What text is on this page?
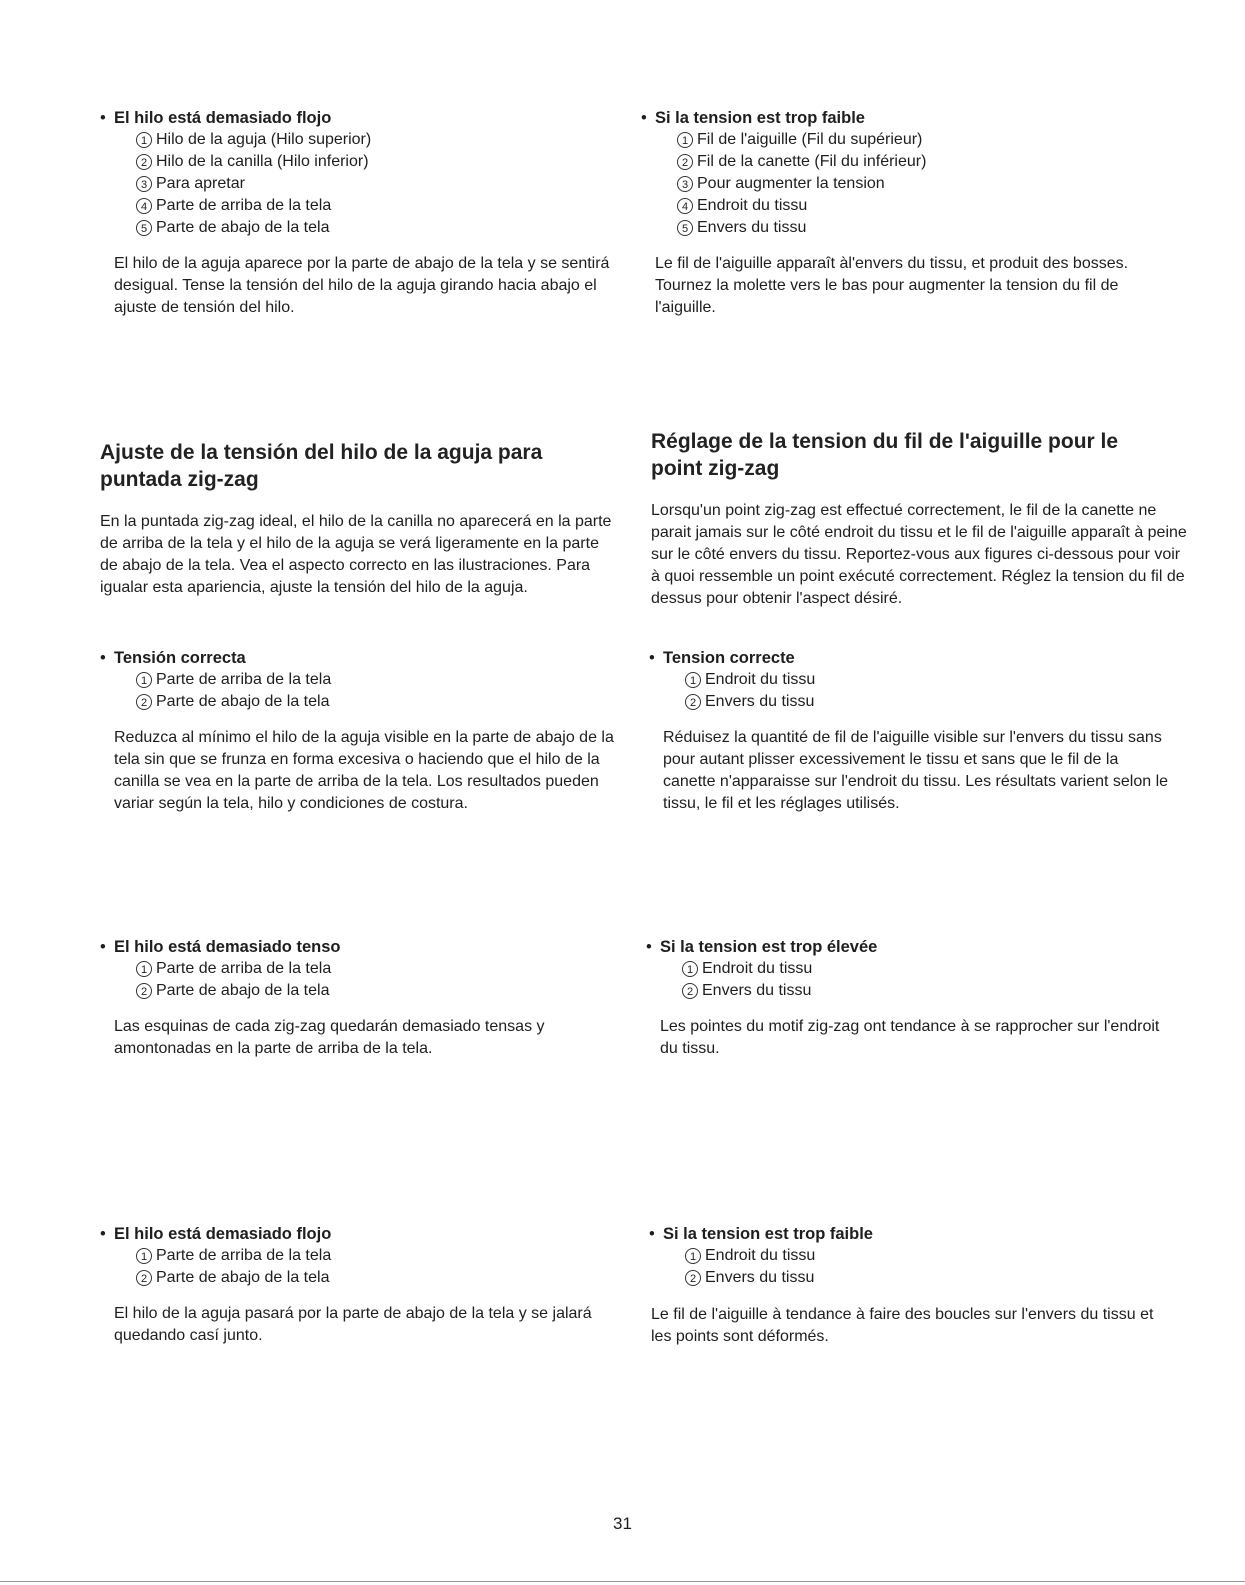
• El hilo está demasiado flojo

1 Hilo de la aguja (Hilo superior)
2 Hilo de la canilla (Hilo inferior)
3 Para apretar
4 Parte de arriba de la tela
5 Parte de abajo de la tela

El hilo de la aguja aparece por la parte de abajo de la tela y se sentirá desigual. Tense la tensión del hilo de la aguja girando hacia abajo el ajuste de tensión del hilo.

Ajuste de la tensión del hilo de la aguja para puntada zig-zag

En la puntada zig-zag ideal, el hilo de la canilla no aparecerá en la parte de arriba de la tela y el hilo de la aguja se verá ligeramente en la parte de abajo de la tela. Vea el aspecto correcto en las ilustraciones. Para igualar esta apariencia, ajuste la tensión del hilo de la aguja.

• Tensión correcta

1 Parte de arriba de la tela
2 Parte de abajo de la tela

Reduzca al mínimo el hilo de la aguja visible en la parte de abajo de la tela sin que se frunza en forma excesiva o haciendo que el hilo de la canilla se vea en la parte de arriba de la tela. Los resultados pueden variar según la tela, hilo y condiciones de costura.

• El hilo está demasiado tenso

1 Parte de arriba de la tela
2 Parte de abajo de la tela

Las esquinas de cada zig-zag quedarán demasiado tensas y amontonadas en la parte de arriba de la tela.

• El hilo está demasiado flojo

1 Parte de arriba de la tela
2 Parte de abajo de la tela

El hilo de la aguja pasará por la parte de abajo de la tela y se jalará quedando casí junto.

• Si la tension est trop faible

1 Fil de l'aiguille (Fil du supérieur)
2 Fil de la canette (Fil du inférieur)
3 Pour augmenter la tension
4 Endroit du tissu
5 Envers du tissu

Le fil de l'aiguille apparaît àl'envers du tissu, et produit des bosses. Tournez la molette vers le bas pour augmenter la tension du fil de l'aiguille.

Réglage de la tension du fil de l'aiguille pour le point zig-zag

Lorsqu'un point zig-zag est effectué correctement, le fil de la canette ne parait jamais sur le côté endroit du tissu et le fil de l'aiguille apparaît à peine sur le côté envers du tissu. Reportez-vous aux figures ci-dessous pour voir à quoi ressemble un point exécuté correctement. Réglez la tension du fil de dessus pour obtenir l'aspect désiré.

• Tension correcte

1 Endroit du tissu
2 Envers du tissu

Réduisez la quantité de fil de l'aiguille visible sur l'envers du tissu sans pour autant plisser excessivement le tissu et sans que le fil de la canette n'apparaisse sur l'endroit du tissu. Les résultats varient selon le tissu, le fil et les réglages utilisés.

• Si la tension est trop élevée

1 Endroit du tissu
2 Envers du tissu

Les pointes du motif zig-zag ont tendance à se rapprocher sur l'endroit du tissu.

• Si la tension est trop faible

1 Endroit du tissu
2 Envers du tissu

Le fil de l'aiguille à tendance à faire des boucles sur l'envers du tissu et les points sont déformés.

31
